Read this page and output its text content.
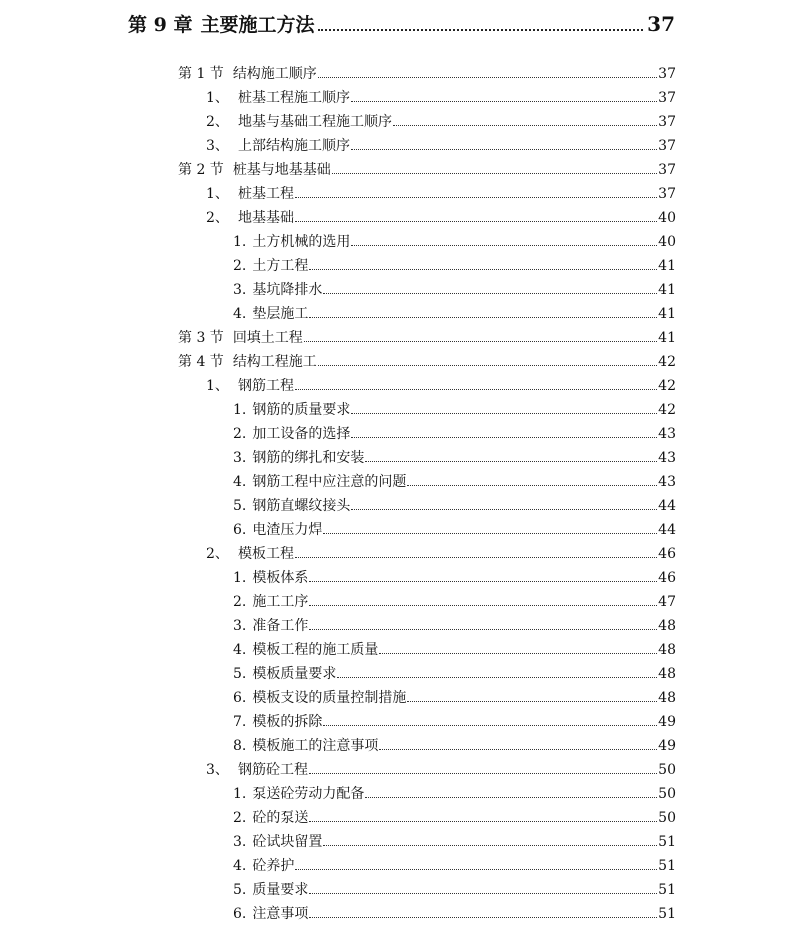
第 9 章 主要施工方法	37
第 1 节 结构施工顺序	37
1、 桩基工程施工顺序	37
2、 地基与基础工程施工顺序	37
3、 上部结构施工顺序	37
第 2 节 桩基与地基基础	37
1、 桩基工程	37
2、 地基基础	40
1. 土方机械的选用	40
2. 土方工程	41
3. 基坑降排水	41
4. 垫层施工	41
第 3 节 回填土工程	41
第 4 节 结构工程施工	42
1、 钢筋工程	42
1. 钢筋的质量要求	42
2. 加工设备的选择	43
3. 钢筋的绑扎和安装	43
4. 钢筋工程中应注意的问题	43
5. 钢筋直螺纹接头	44
6. 电渣压力焊	44
2、 模板工程	46
1. 模板体系	46
2. 施工工序	47
3. 准备工作	48
4. 模板工程的施工质量	48
5. 模板质量要求	48
6. 模板支设的质量控制措施	48
7. 模板的拆除	49
8. 模板施工的注意事项	49
3、 钢筋砼工程	50
1. 泵送砼劳动力配备	50
2. 砼的泵送	50
3. 砼试块留置	51
4. 砼养护	51
5. 质量要求	51
6. 注意事项	51
